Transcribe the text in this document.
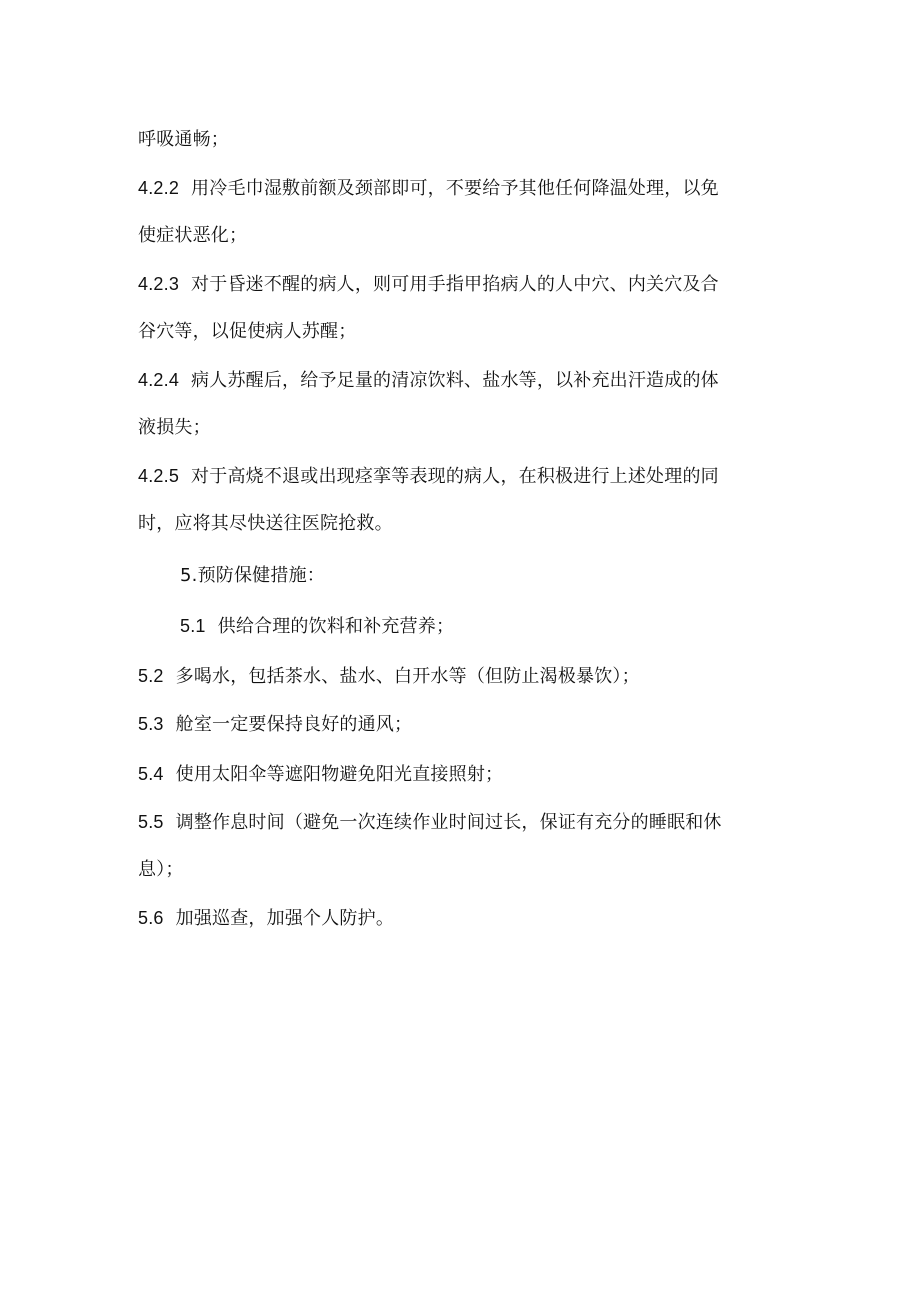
呼吸通畅；
4.2.2 用冷毛巾湿敷前额及颈部即可，不要给予其他任何降温处理，以免
使症状恶化；
4.2.3 对于昏迷不醒的病人，则可用手指甲掐病人的人中穴、内关穴及合
谷穴等，以促使病人苏醒；
4.2.4 病人苏醒后，给予足量的清凉饮料、盐水等，以补充出汗造成的体
液损失；
4.2.5 对于高烧不退或出现痉挛等表现的病人，在积极进行上述处理的同
时，应将其尽快送往医院抢救。
5.预防保健措施：
5.1 供给合理的饮料和补充营养；
5.2 多喝水，包括茶水、盐水、白开水等（但防止渴极暴饮）；
5.3 舱室一定要保持良好的通风；
5.4 使用太阳伞等遮阳物避免阳光直接照射；
5.5 调整作息时间（避免一次连续作业时间过长，保证有充分的睡眠和休
息）；
5.6 加强巡查，加强个人防护。
